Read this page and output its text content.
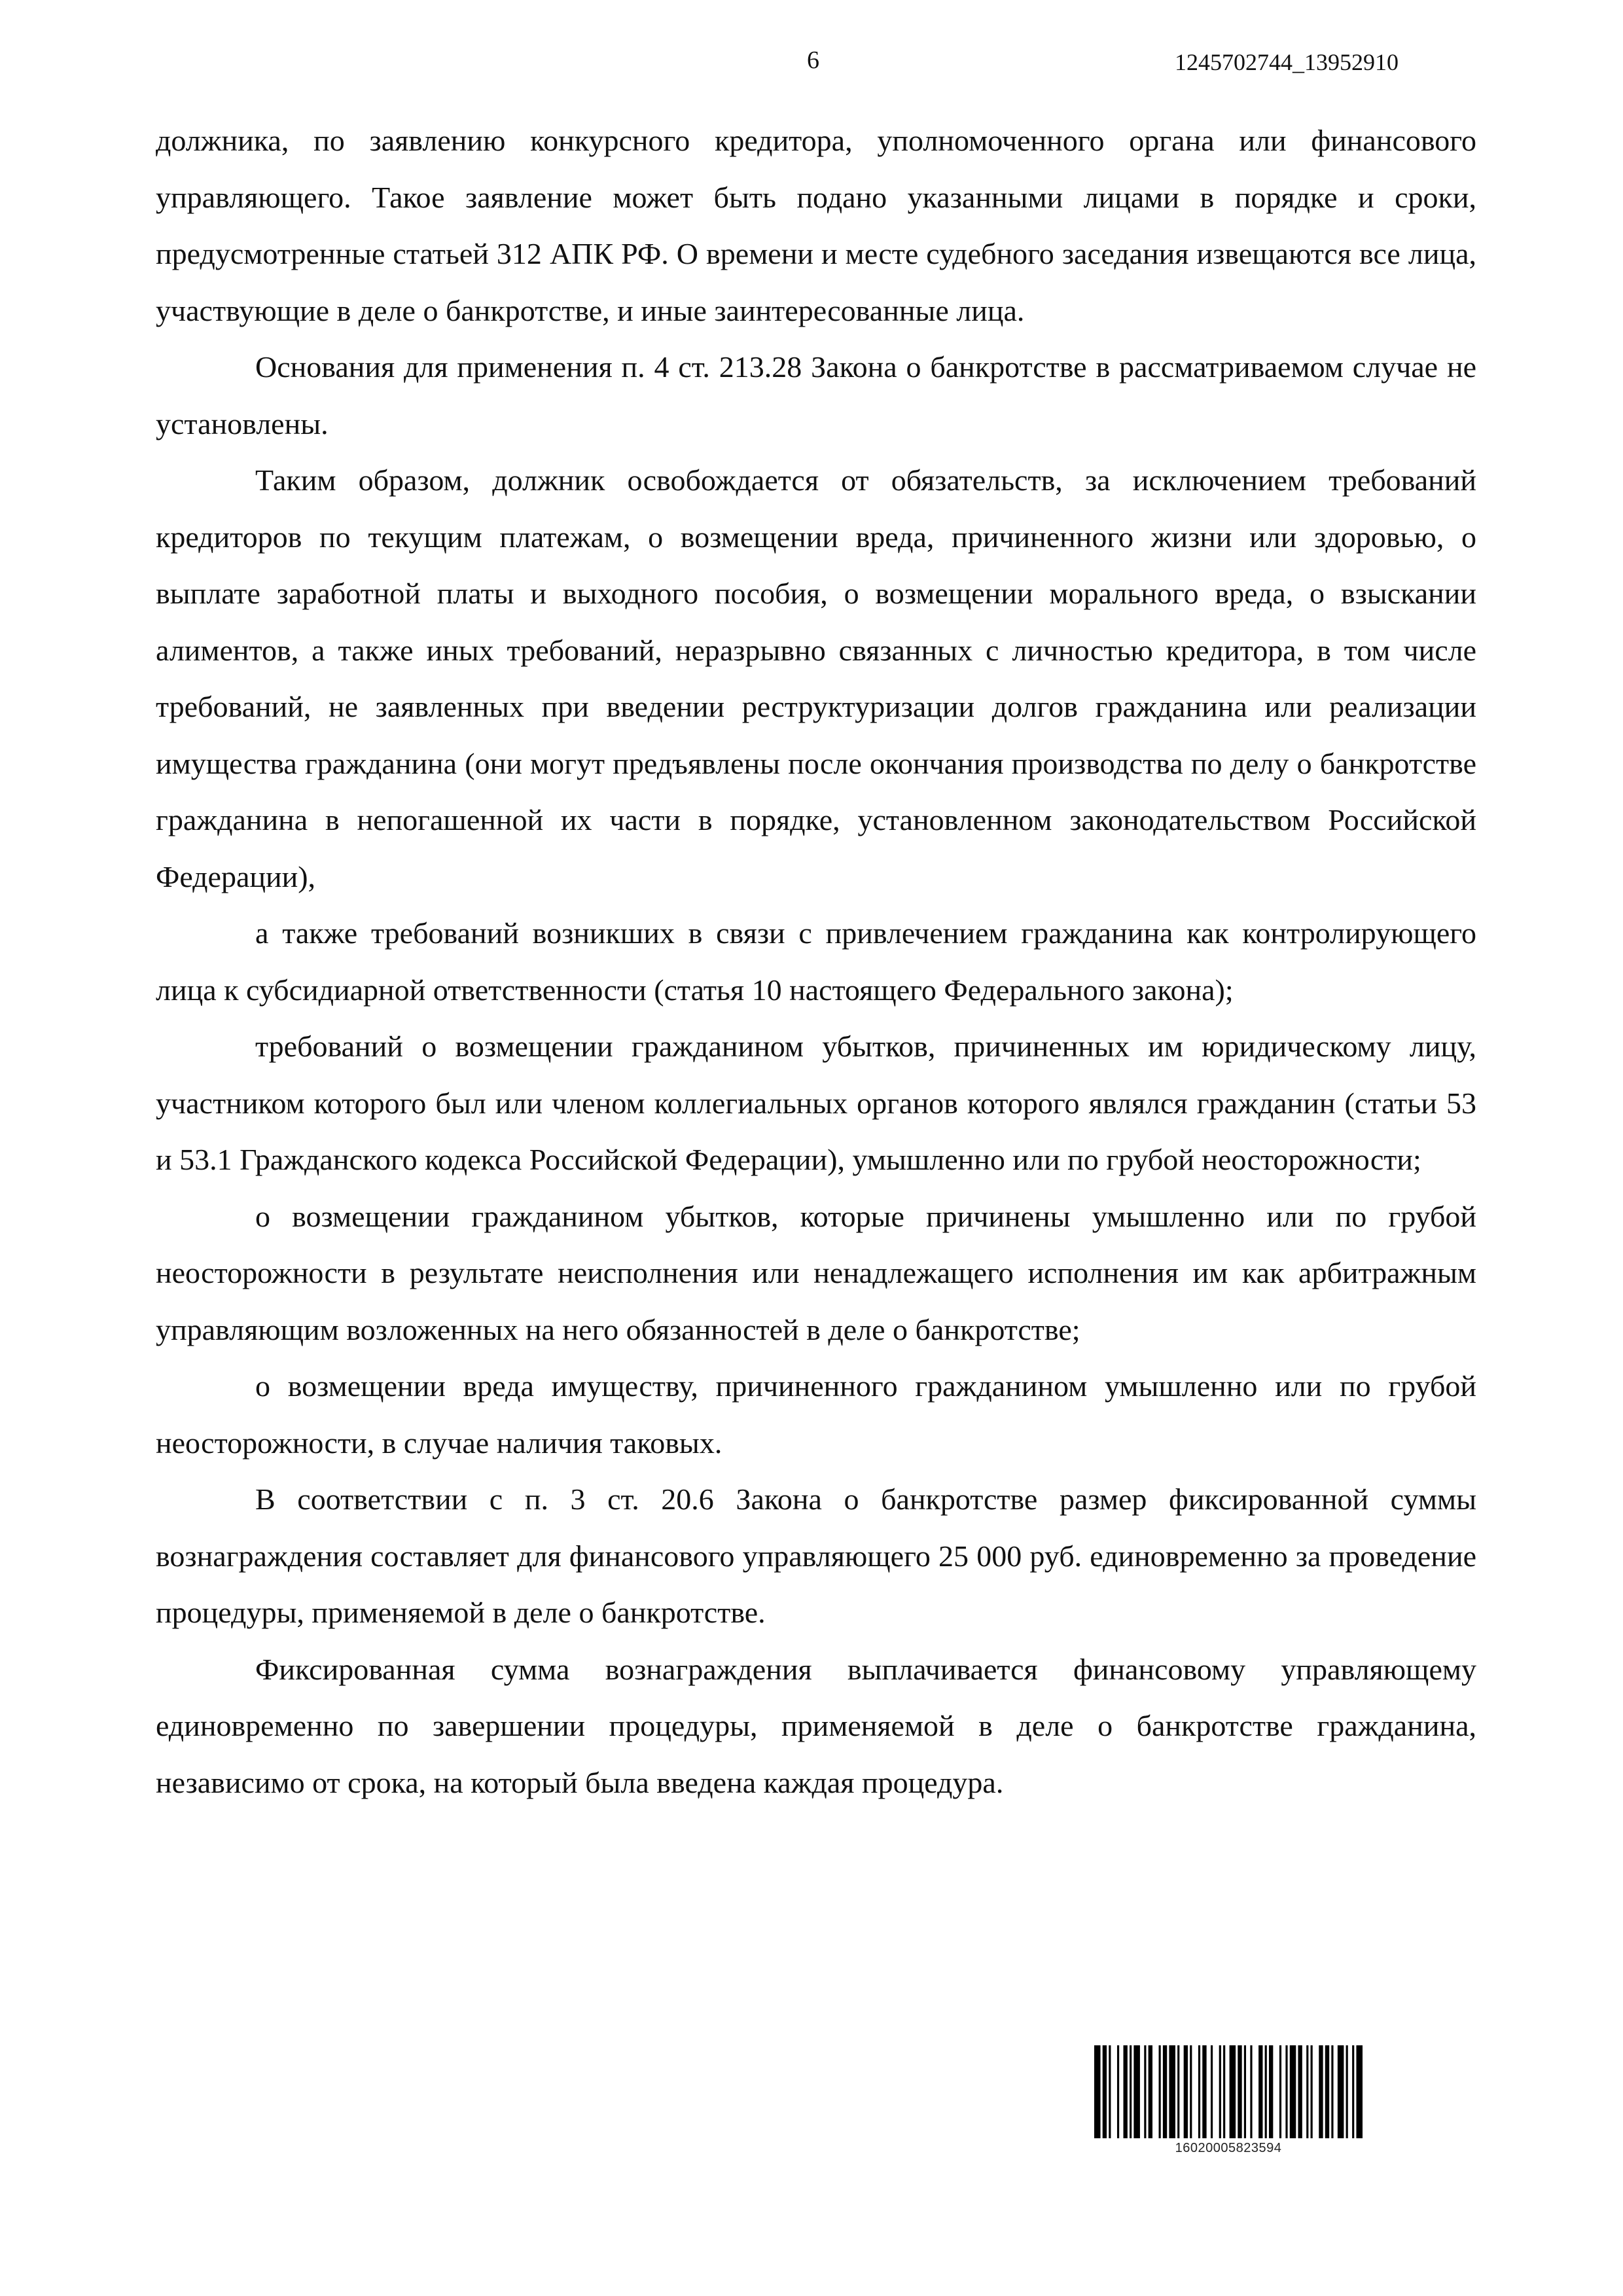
6	1245702744_13952910

должника, по заявлению конкурсного кредитора, уполномоченного органа или финансового управляющего. Такое заявление может быть подано указанными лицами в порядке и сроки, предусмотренные статьей 312 АПК РФ. О времени и месте судебного заседания извещаются все лица, участвующие в деле о банкротстве, и иные заинтересованные лица.

Основания для применения п. 4 ст. 213.28 Закона о банкротстве в рассматриваемом случае не установлены.

Таким образом, должник освобождается от обязательств, за исключением требований кредиторов по текущим платежам, о возмещении вреда, причиненного жизни или здоровью, о выплате заработной платы и выходного пособия, о возмещении морального вреда, о взыскании алиментов, а также иных требований, неразрывно связанных с личностью кредитора, в том числе требований, не заявленных при введении реструктуризации долгов гражданина или реализации имущества гражданина (они могут предъявлены после окончания производства по делу о банкротстве гражданина в непогашенной их части в порядке, установленном законодательством Российской Федерации),

а также требований возникших в связи с привлечением гражданина как контролирующего лица к субсидиарной ответственности (статья 10 настоящего Федерального закона);

требований о возмещении гражданином убытков, причиненных им юридическому лицу, участником которого был или членом коллегиальных органов которого являлся гражданин (статьи 53 и 53.1 Гражданского кодекса Российской Федерации), умышленно или по грубой неосторожности;

о возмещении гражданином убытков, которые причинены умышленно или по грубой неосторожности в результате неисполнения или ненадлежащего исполнения им как арбитражным управляющим возложенных на него обязанностей в деле о банкротстве;

о возмещении вреда имуществу, причиненного гражданином умышленно или по грубой неосторожности, в случае наличия таковых.

В соответствии с п. 3 ст. 20.6 Закона о банкротстве размер фиксированной суммы вознаграждения составляет для финансового управляющего 25 000 руб. единовременно за проведение процедуры, применяемой в деле о банкротстве.

Фиксированная сумма вознаграждения выплачивается финансовому управляющему единовременно по завершении процедуры, применяемой в деле о банкротстве гражданина, независимо от срока, на который была введена каждая процедура.

16020005823594
